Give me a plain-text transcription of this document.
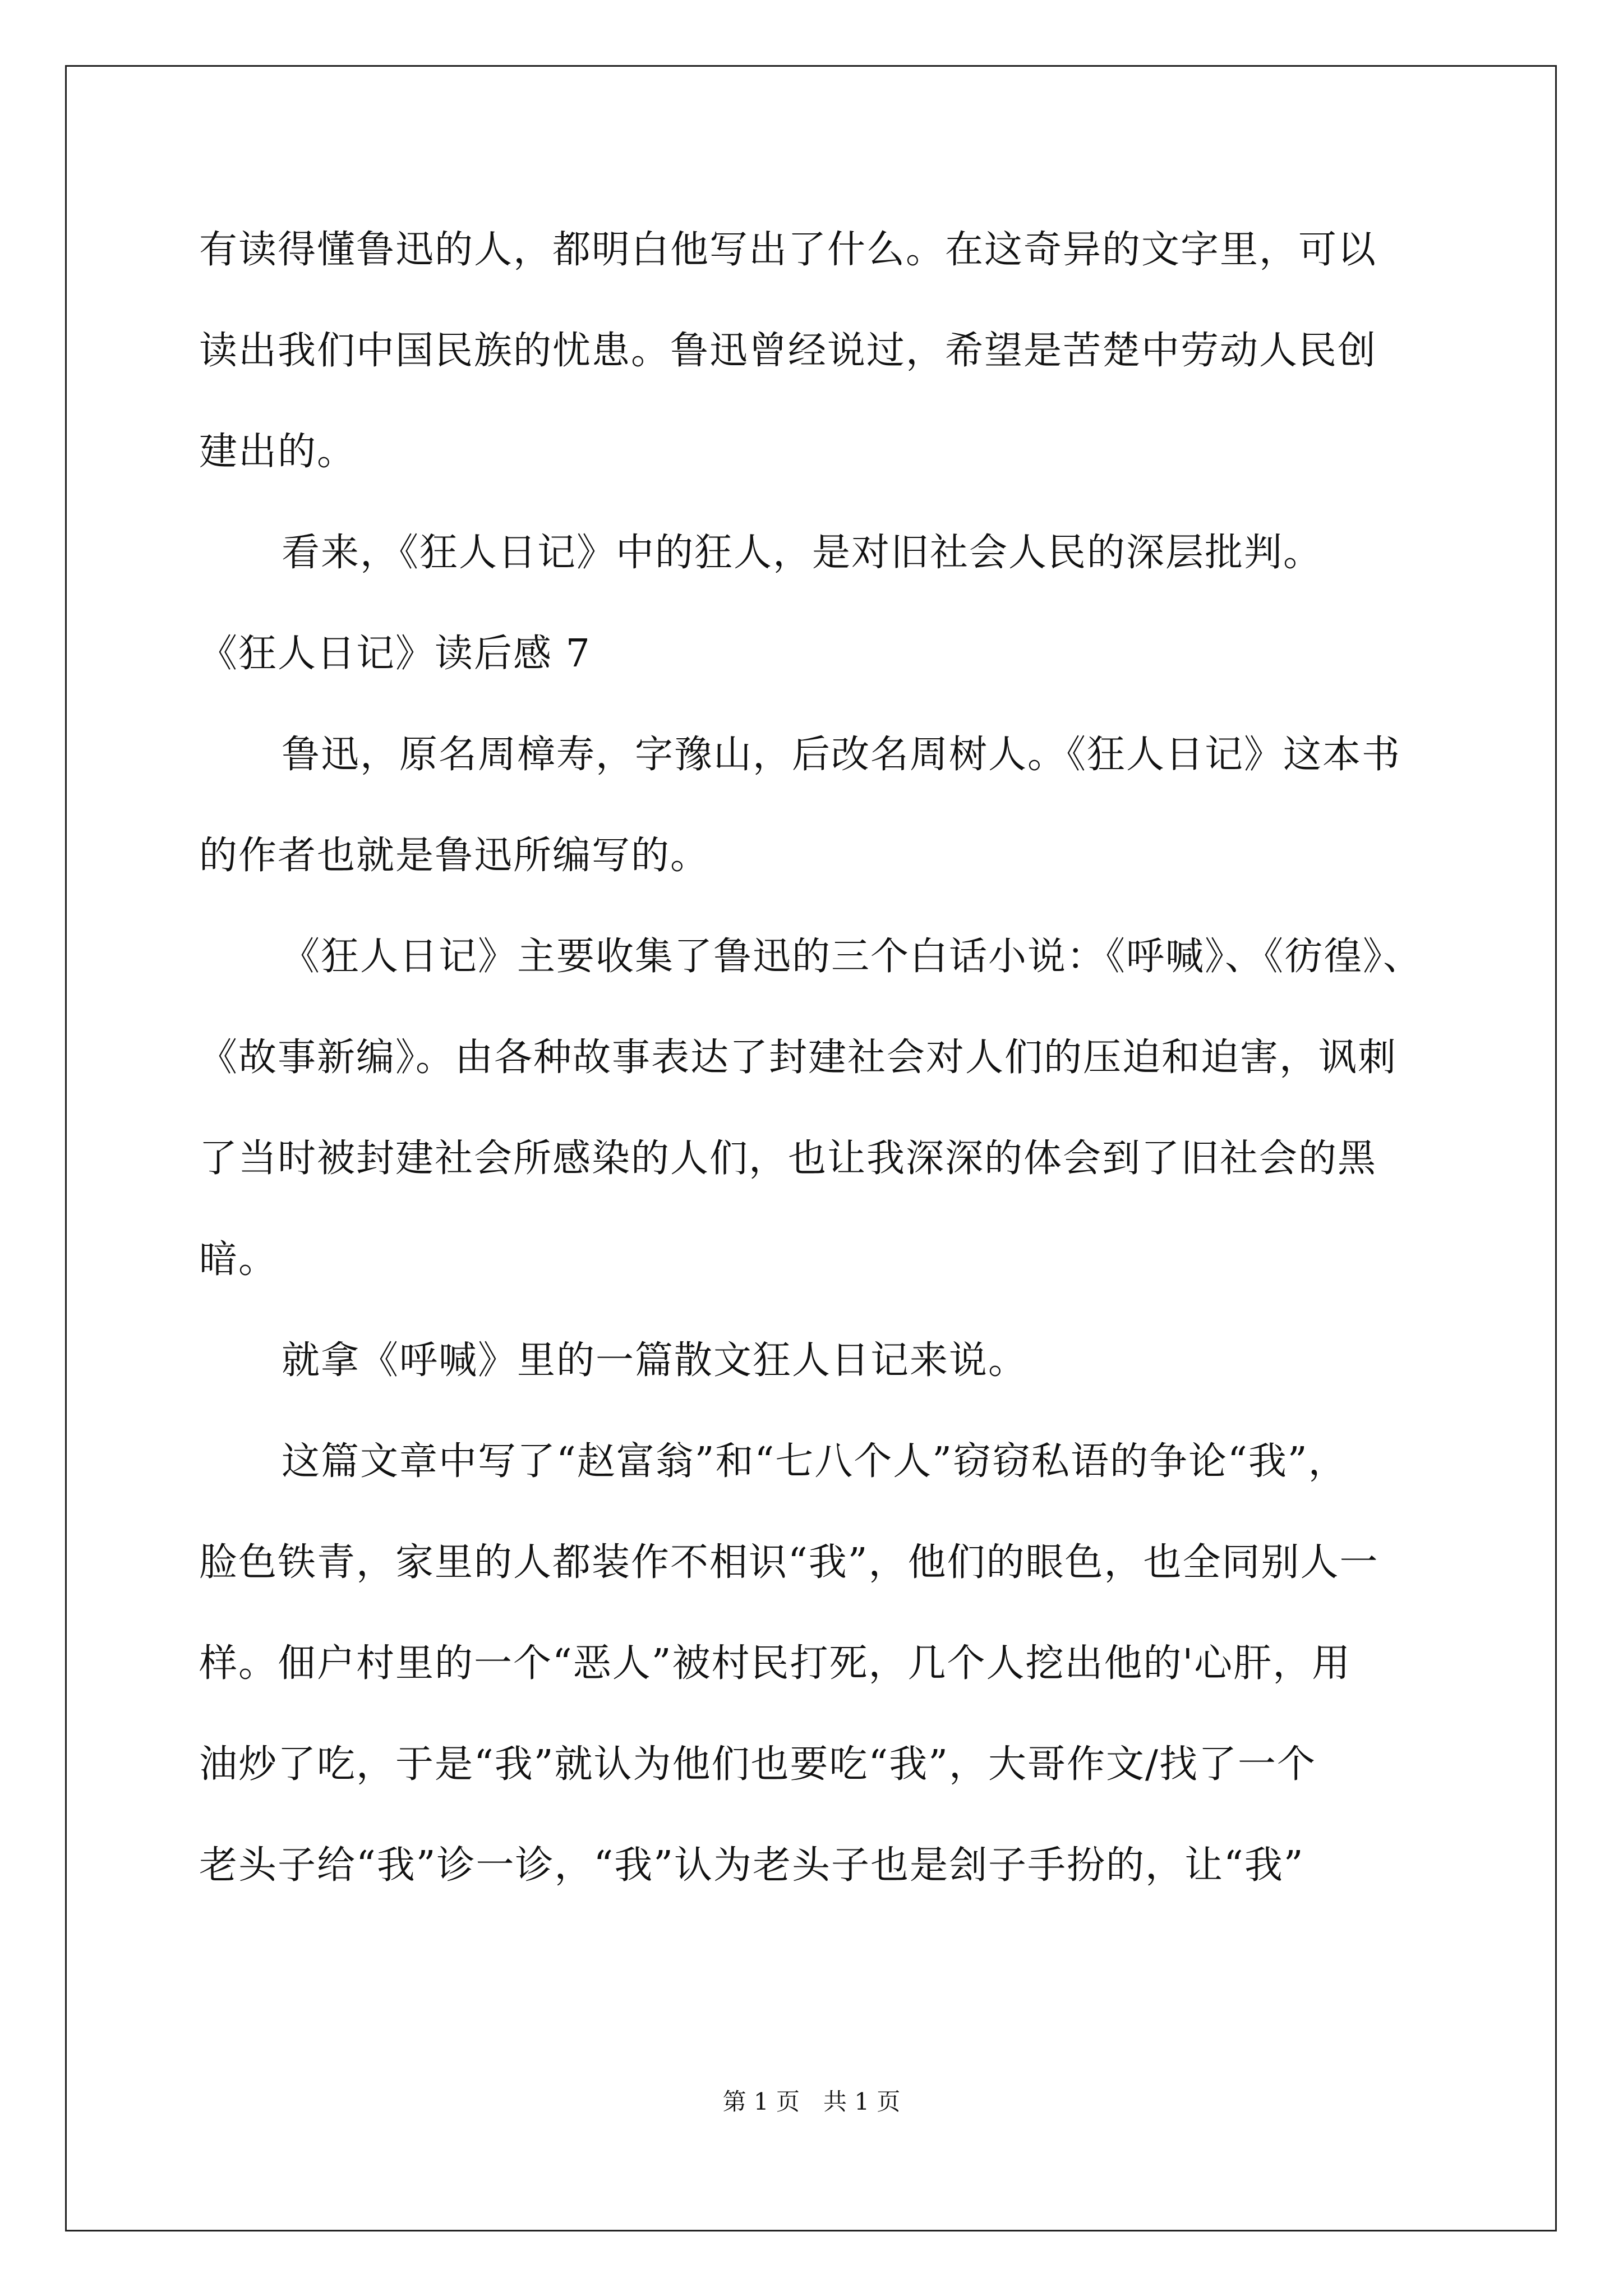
有读得懂鲁迅的人，都明白他写出了什么。在这奇异的文字里，可以
读出我们中国民族的忧患。鲁迅曾经说过，希望是苦楚中劳动人民创
建出的。
看来，《狂人日记》中的狂人，是对旧社会人民的深层批判。
《狂人日记》读后感 7
鲁迅，原名周樟寿，字豫山，后改名周树人。《狂人日记》这本书
的作者也就是鲁迅所编写的。
《狂人日记》主要收集了鲁迅的三个白话小说：《呼喊》、《彷徨》、
《故事新编》。由各种故事表达了封建社会对人们的压迫和迫害，讽刺
了当时被封建社会所感染的人们，也让我深深的体会到了旧社会的黑
暗。
就拿《呼喊》里的一篇散文狂人日记来说。
这篇文章中写了“赵富翁”和“七八个人”窃窃私语的争论“我”，
脸色铁青，家里的人都装作不相识“我”，他们的眼色，也全同别人一
样。佃户村里的一个“恶人”被村民打死，几个人挖出他的'心肝，用
油炒了吃，于是“我”就认为他们也要吃“我”，大哥作文/找了一个
老头子给“我”诊一诊，“我”认为老头子也是刽子手扮的，让“我”
第 1 页　共 1 页
